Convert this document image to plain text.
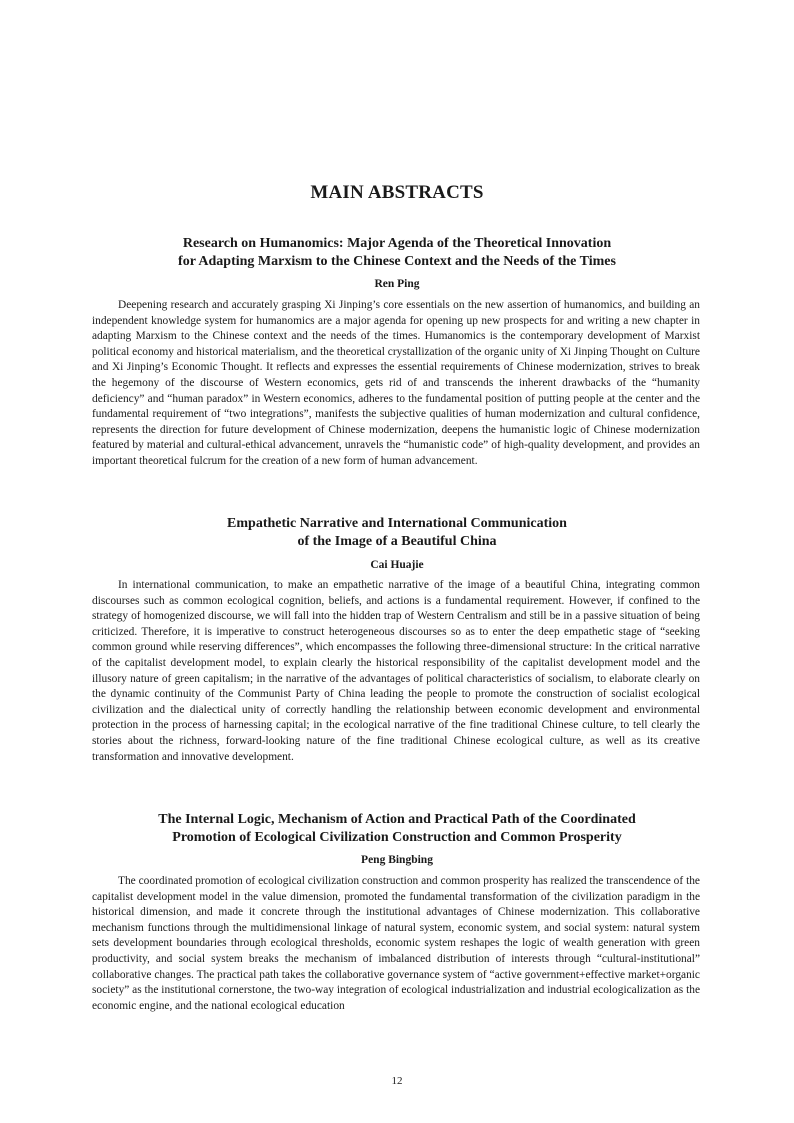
MAIN ABSTRACTS
Research on Humanomics: Major Agenda of the Theoretical Innovation
for Adapting Marxism to the Chinese Context and the Needs of the Times
Ren Ping

Deepening research and accurately grasping Xi Jinping’s core essentials on the new assertion of humanomics, and building an independent knowledge system for humanomics are a major agenda for opening up new prospects for and writing a new chapter in adapting Marxism to the Chinese context and the needs of the times. Humanomics is the contemporary development of Marxist political economy and historical materialism, and the theoretical crystallization of the organic unity of Xi Jinping Thought on Culture and Xi Jinping’s Economic Thought. It reflects and expresses the essential requirements of Chinese modernization, strives to break the hegemony of the discourse of Western economics, gets rid of and transcends the inherent drawbacks of the “humanity deficiency” and “human paradox” in Western economics, adheres to the fundamental position of putting people at the center and the fundamental requirement of “two integrations”, manifests the subjective qualities of human modernization and cultural confidence, represents the direction for future development of Chinese modernization, deepens the humanistic logic of Chinese modernization featured by material and cultural-ethical advancement, unravels the “humanistic code” of high-quality development, and provides an important theoretical fulcrum for the creation of a new form of human advancement.

Empathetic Narrative and International Communication
of the Image of a Beautiful China
Cai Huajie

In international communication, to make an empathetic narrative of the image of a beautiful China, integrating common discourses such as common ecological cognition, beliefs, and actions is a fundamental requirement. However, if confined to the strategy of homogenized discourse, we will fall into the hidden trap of Western Centralism and still be in a passive situation of being criticized. Therefore, it is imperative to construct heterogeneous discourses so as to enter the deep empathetic stage of “seeking common ground while reserving differences”, which encompasses the following three-dimensional structure: In the critical narrative of the capitalist development model, to explain clearly the historical responsibility of the capitalist development model and the illusory nature of green capitalism; in the narrative of the advantages of political characteristics of socialism, to elaborate clearly on the dynamic continuity of the Communist Party of China leading the people to promote the construction of socialist ecological civilization and the dialectical unity of correctly handling the relationship between economic development and environmental protection in the process of harnessing capital; in the ecological narrative of the fine traditional Chinese culture, to tell clearly the stories about the richness, forward-looking nature of the fine traditional Chinese ecological culture, as well as its creative transformation and innovative development.

The Internal Logic, Mechanism of Action and Practical Path of the Coordinated
Promotion of Ecological Civilization Construction and Common Prosperity
Peng Bingbing

The coordinated promotion of ecological civilization construction and common prosperity has realized the transcendence of the capitalist development model in the value dimension, promoted the fundamental transformation of the civilization paradigm in the historical dimension, and made it concrete through the institutional advantages of Chinese modernization. This collaborative mechanism functions through the multidimensional linkage of natural system, economic system, and social system: natural system sets development boundaries through ecological thresholds, economic system reshapes the logic of wealth generation with green productivity, and social system breaks the mechanism of imbalanced distribution of interests through “cultural-institutional” collaborative changes. The practical path takes the collaborative governance system of “active government+effective market+organic society” as the institutional cornerstone, the two-way integration of ecological industrialization and industrial ecologicalization as the economic engine, and the national ecological education

12
